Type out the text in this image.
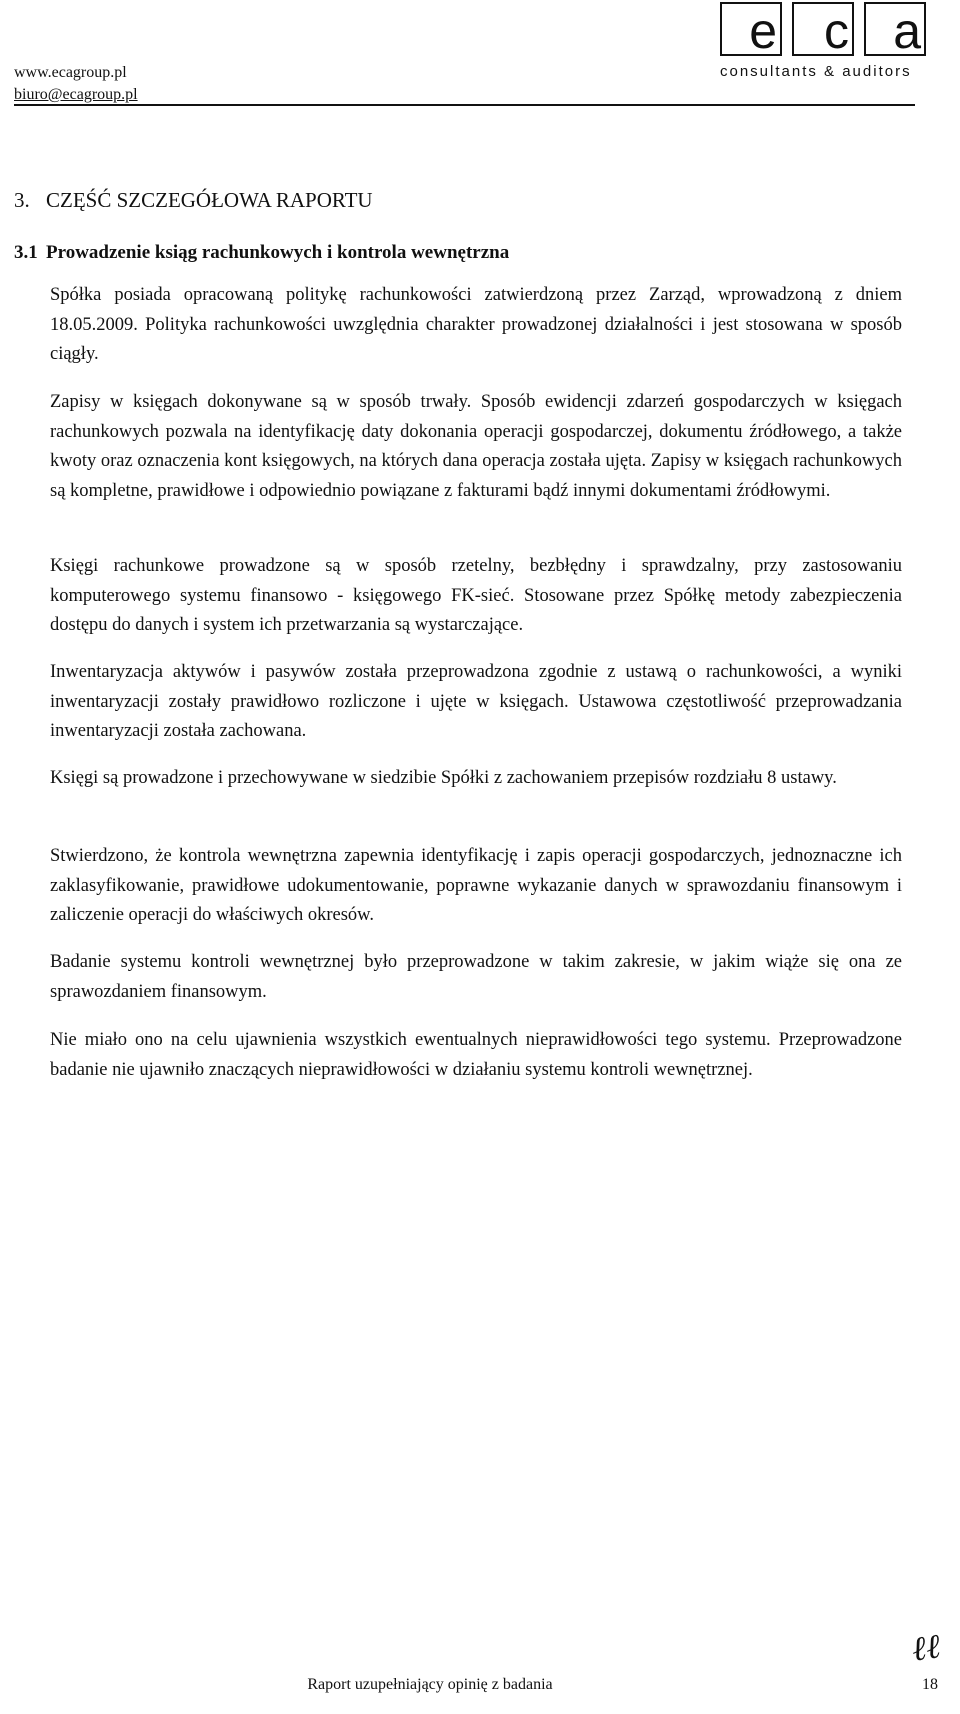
www.ecagroup.pl
biuro@ecagroup.pl
e c a
consultants & auditors
3. CZĘŚĆ SZCZEGÓŁOWA RAPORTU
3.1 Prowadzenie ksiąg rachunkowych i kontrola wewnętrzna

Spółka posiada opracowaną politykę rachunkowości zatwierdzoną przez Zarząd, wprowadzoną z dniem 18.05.2009. Polityka rachunkowości uwzględnia charakter prowadzonej działalności i jest stosowana w sposób ciągły.

Zapisy w księgach dokonywane są w sposób trwały. Sposób ewidencji zdarzeń gospodarczych w księgach rachunkowych pozwala na identyfikację daty dokonania operacji gospodarczej, dokumentu źródłowego, a także kwoty oraz oznaczenia kont księgowych, na których dana operacja została ujęta. Zapisy w księgach rachunkowych są kompletne, prawidłowe i odpowiednio powiązane z fakturami bądź innymi dokumentami źródłowymi.

Księgi rachunkowe prowadzone są w sposób rzetelny, bezbłędny i sprawdzalny, przy zastosowaniu komputerowego systemu finansowo - księgowego FK-sieć. Stosowane przez Spółkę metody zabezpieczenia dostępu do danych i system ich przetwarzania są wystarczające.

Inwentaryzacja aktywów i pasywów została przeprowadzona zgodnie z ustawą o rachunkowości, a wyniki inwentaryzacji zostały prawidłowo rozliczone i ujęte w księgach. Ustawowa częstotliwość przeprowadzania inwentaryzacji została zachowana.

Księgi są prowadzone i przechowywane w siedzibie Spółki z zachowaniem przepisów rozdziału 8 ustawy.

Stwierdzono, że kontrola wewnętrzna zapewnia identyfikację i zapis operacji gospodarczych, jednoznaczne ich zaklasyfikowanie, prawidłowe udokumentowanie, poprawne wykazanie danych w sprawozdaniu finansowym i zaliczenie operacji do właściwych okresów.

Badanie systemu kontroli wewnętrznej było przeprowadzone w takim zakresie, w jakim wiąże się ona ze sprawozdaniem finansowym.

Nie miało ono na celu ujawnienia wszystkich ewentualnych nieprawidłowości tego systemu. Przeprowadzone badanie nie ujawniło znaczących nieprawidłowości w działaniu systemu kontroli wewnętrznej.

ℓℓ
Raport uzupełniający opinię z badania	18
